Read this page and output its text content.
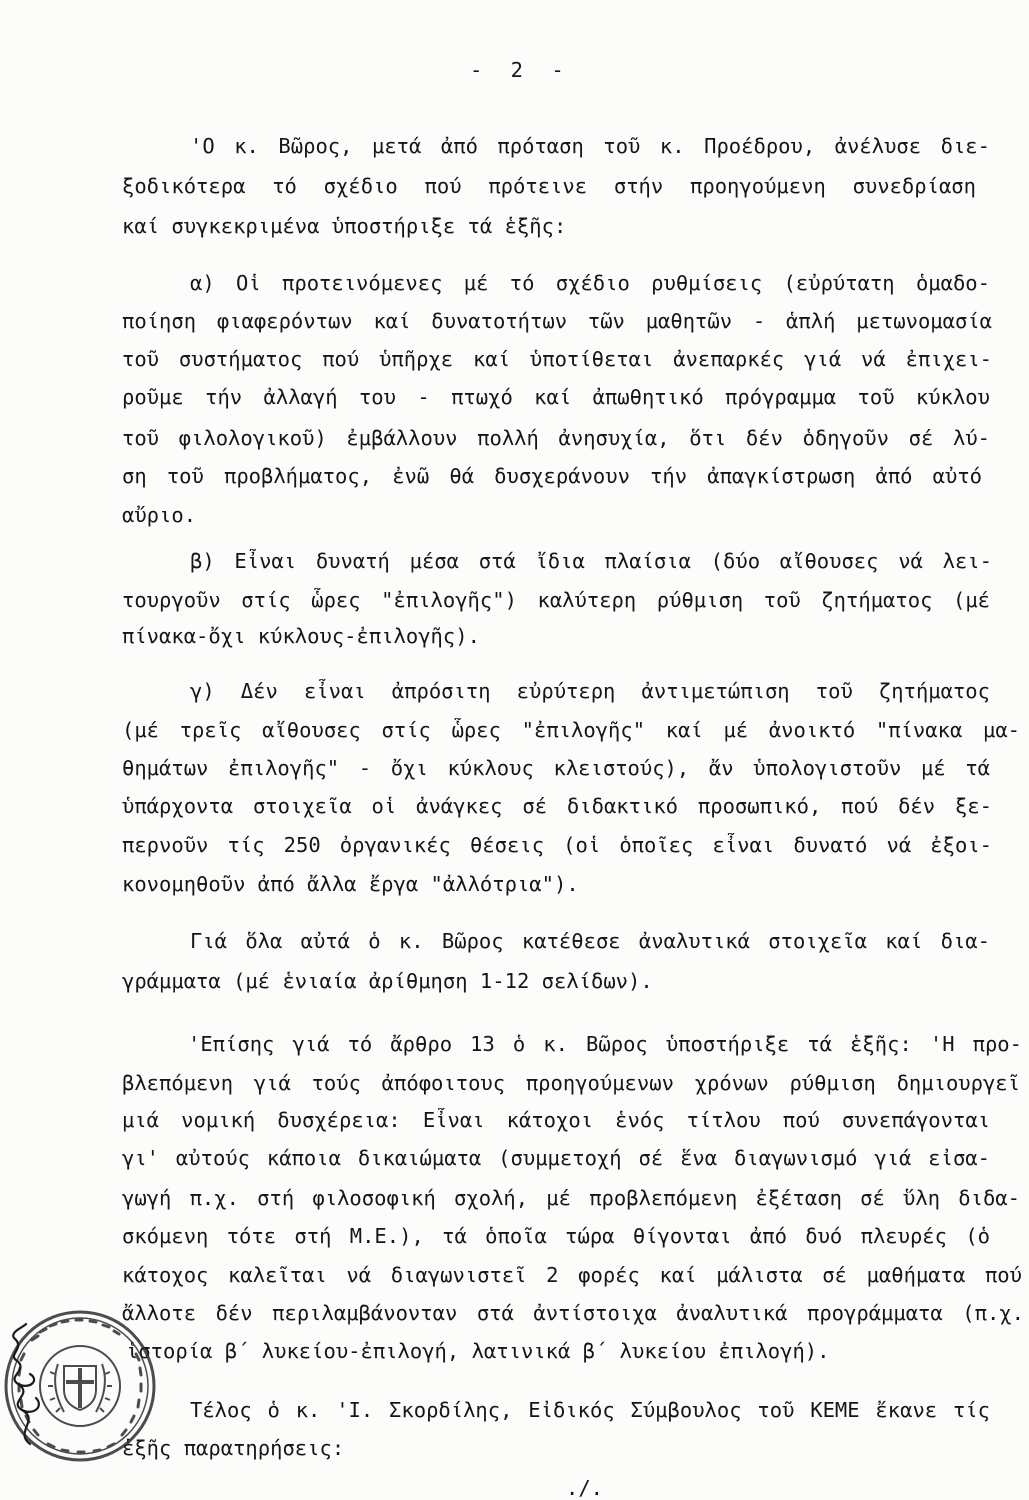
- 2 -
'Ο κ. Βῶρος, μετά ἀπό πρόταση τοῦ κ. Προέδρου, ἀνέλυσε διε-
ξοδικότερα τό σχέδιο πού πρότεινε στήν προηγούμενη συνεδρίαση
καί συγκεκριμένα ὑποστήριξε τά ἑξῆς:
α) Οἱ προτεινόμενες μέ τό σχέδιο ρυθμίσεις (εὐρύτατη ὁμαδο-
ποίηση φιαφερόντων καί δυνατοτήτων τῶν μαθητῶν - ἁπλή μετωνομασία
τοῦ συστήματος πού ὑπῆρχε καί ὑποτίθεται ἀνεπαρκές γιά νά ἐπιχει-
ροῦμε τήν ἀλλαγή του - πτωχό καί ἀπωθητικό πρόγραμμα τοῦ κύκλου
τοῦ φιλολογικοῦ) ἐμβάλλουν πολλή ἀνησυχία, ὅτι δέν ὁδηγοῦν σέ λύ-
ση τοῦ προβλήματος, ἐνῶ θά δυσχεράνουν τήν ἀπαγκίστρωση ἀπό αὐτό
αὔριο.
β) Εἶναι δυνατή μέσα στά ἴδια πλαίσια (δύο αἴθουσες νά λει-
τουργοῦν στίς ὧρες "ἐπιλογῆς") καλύτερη ρύθμιση τοῦ ζητήματος (μέ
πίνακα-ὄχι κύκλους-ἐπιλογῆς).
γ) Δέν εἶναι ἀπρόσιτη εὐρύτερη ἀντιμετώπιση τοῦ ζητήματος
(μέ τρεῖς αἴθουσες στίς ὧρες "ἐπιλογῆς" καί μέ ἀνοικτό "πίνακα μα-
θημάτων ἐπιλογῆς" - ὄχι κύκλους κλειστούς), ἄν ὑπολογιστοῦν μέ τά
ὑπάρχοντα στοιχεῖα οἱ ἀνάγκες σέ διδακτικό προσωπικό, πού δέν ξε-
περνοῦν τίς 250 ὀργανικές θέσεις (οἱ ὁποῖες εἶναι δυνατό νά ἐξοι-
κονομηθοῦν ἀπό ἄλλα ἔργα "ἀλλότρια").
Γιά ὅλα αὐτά ὁ κ. Βῶρος κατέθεσε ἀναλυτικά στοιχεῖα καί δια-
γράμματα (μέ ἑνιαία ἀρίθμηση 1-12 σελίδων).
'Επίσης γιά τό ἄρθρο 13 ὁ κ. Βῶρος ὑποστήριξε τά ἑξῆς: 'Η προ-
βλεπόμενη γιά τούς ἀπόφοιτους προηγούμενων χρόνων ρύθμιση δημιουργεῖ
μιά νομική δυσχέρεια: Εἶναι κάτοχοι ἑνός τίτλου πού συνεπάγονται
γι' αὐτούς κάποια δικαιώματα (συμμετοχή σέ ἕνα διαγωνισμό γιά εἰσα-
γωγή π.χ. στή φιλοσοφική σχολή, μέ προβλεπόμενη ἐξέταση σέ ὕλη διδα-
σκόμενη τότε στή Μ.Ε.), τά ὁποῖα τώρα θίγονται ἀπό δυό πλευρές (ὁ
κάτοχος καλεῖται νά διαγωνιστεῖ 2 φορές καί μάλιστα σέ μαθήματα πού
ἄλλοτε δέν περιλαμβάνονταν στά ἀντίστοιχα ἀναλυτικά προγράμματα (π.χ.
ἱστορία β΄ λυκείου-ἐπιλογή, λατινικά β΄ λυκείου ἐπιλογή).
Τέλος ὁ κ. 'Ι. Σκορδίλης, Εἰδικός Σύμβουλος τοῦ ΚΕΜΕ ἔκανε τίς
ἑξῆς παρατηρήσεις:
./.
